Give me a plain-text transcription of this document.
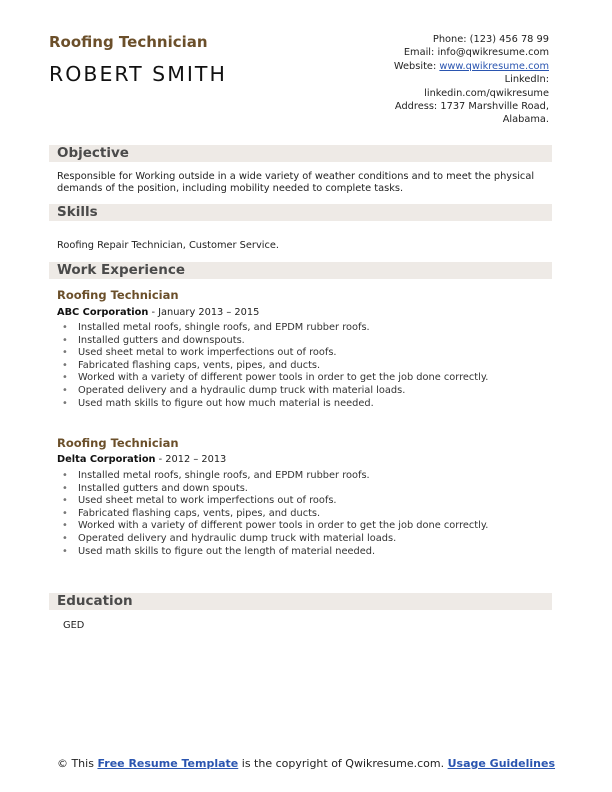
Roofing Technician
ROBERT SMITH
Phone: (123) 456 78 99
Email: info@qwikresume.com
Website: www.qwikresume.com
LinkedIn:
linkedin.com/qwikresume
Address: 1737 Marshville Road,
Alabama.
Objective
Responsible for Working outside in a wide variety of weather conditions and to meet the physical demands of the position, including mobility needed to complete tasks.
Skills
Roofing Repair Technician, Customer Service.
Work Experience
Roofing Technician
ABC Corporation - January 2013 – 2015
• Installed metal roofs, shingle roofs, and EPDM rubber roofs.
• Installed gutters and downspouts.
• Used sheet metal to work imperfections out of roofs.
• Fabricated flashing caps, vents, pipes, and ducts.
• Worked with a variety of different power tools in order to get the job done correctly.
• Operated delivery and a hydraulic dump truck with material loads.
• Used math skills to figure out how much material is needed.
Roofing Technician
Delta Corporation - 2012 – 2013
• Installed metal roofs, shingle roofs, and EPDM rubber roofs.
• Installed gutters and down spouts.
• Used sheet metal to work imperfections out of roofs.
• Fabricated flashing caps, vents, pipes, and ducts.
• Worked with a variety of different power tools in order to get the job done correctly.
• Operated delivery and hydraulic dump truck with material loads.
• Used math skills to figure out the length of material needed.
Education
GED
© This Free Resume Template is the copyright of Qwikresume.com. Usage Guidelines
